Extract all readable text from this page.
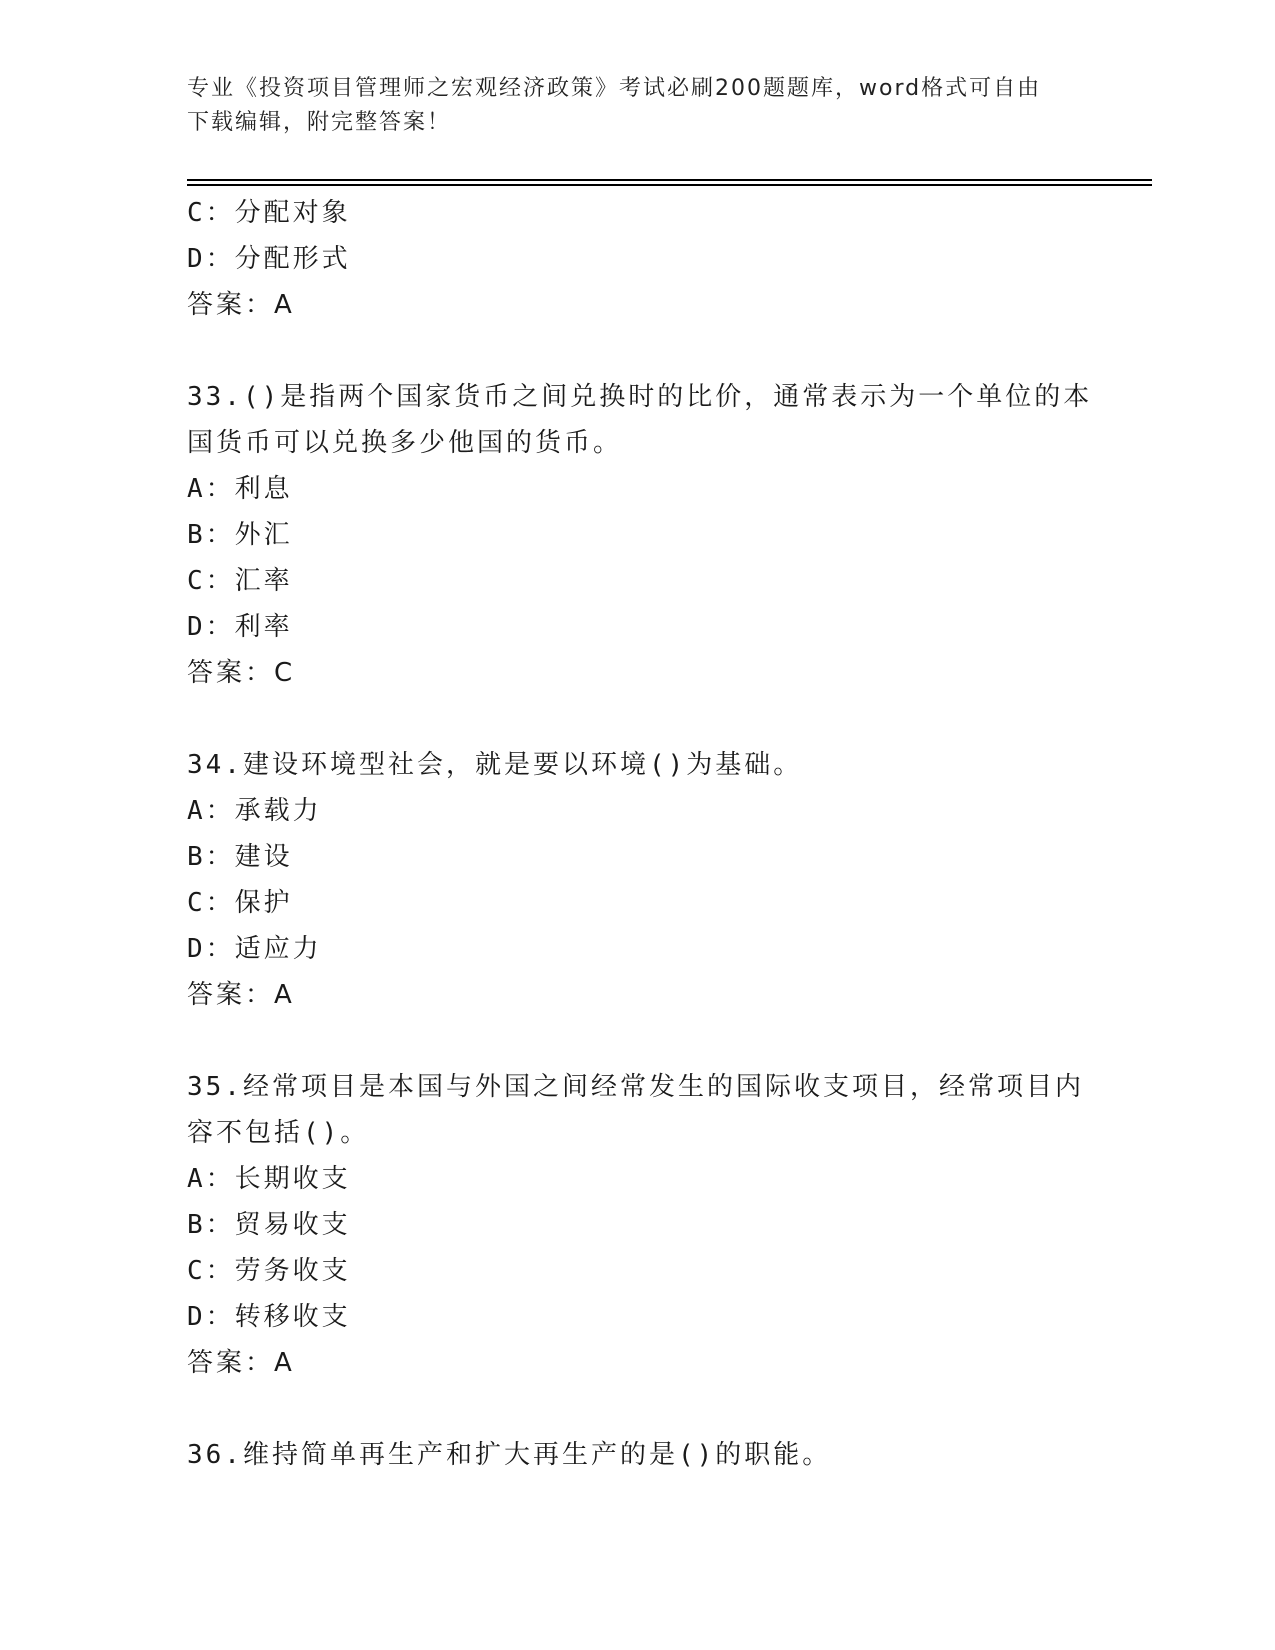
专业《投资项目管理师之宏观经济政策》考试必刷200题题库，word格式可自由
下载编辑，附完整答案！
C：分配对象
D：分配形式
答案：A
33.()是指两个国家货币之间兑换时的比价，通常表示为一个单位的本
国货币可以兑换多少他国的货币。
A：利息
B：外汇
C：汇率
D：利率
答案：C
34.建设环境型社会，就是要以环境()为基础。
A：承载力
B：建设
C：保护
D：适应力
答案：A
35.经常项目是本国与外国之间经常发生的国际收支项目，经常项目内
容不包括()。
A：长期收支
B：贸易收支
C：劳务收支
D：转移收支
答案：A
36.维持简单再生产和扩大再生产的是()的职能。
